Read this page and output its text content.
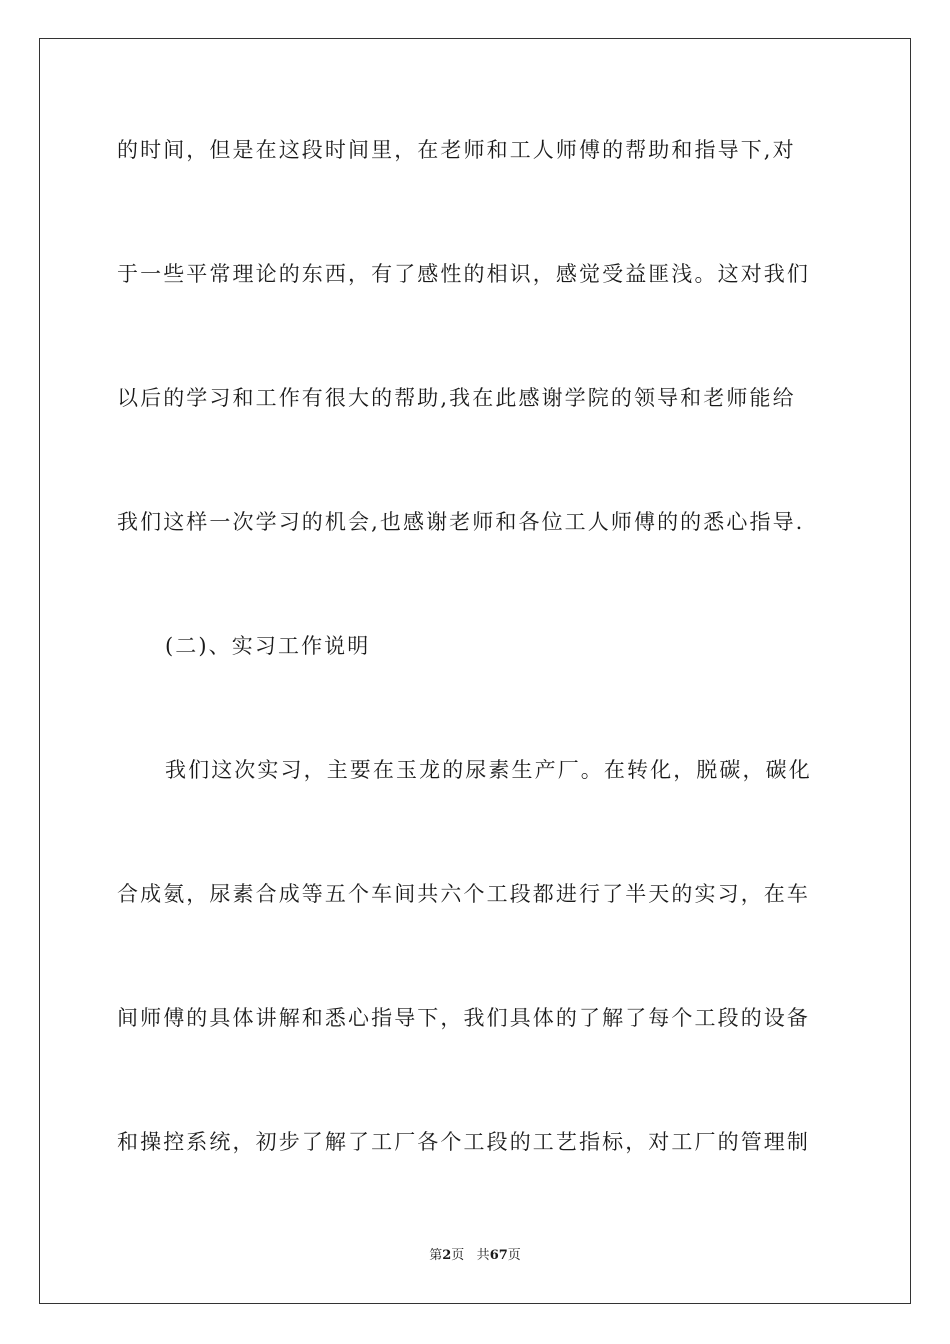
的时间，但是在这段时间里，在老师和工人师傅的帮助和指导下,对
于一些平常理论的东西，有了感性的相识，感觉受益匪浅。这对我们
以后的学习和工作有很大的帮助,我在此感谢学院的领导和老师能给
我们这样一次学习的机会,也感谢老师和各位工人师傅的的悉心指导.
(二)、实习工作说明
我们这次实习，主要在玉龙的尿素生产厂。在转化，脱碳，碳化
合成氨，尿素合成等五个车间共六个工段都进行了半天的实习，在车
间师傅的具体讲解和悉心指导下，我们具体的了解了每个工段的设备
和操控系统，初步了解了工厂各个工段的工艺指标，对工厂的管理制
第2页 共67页
